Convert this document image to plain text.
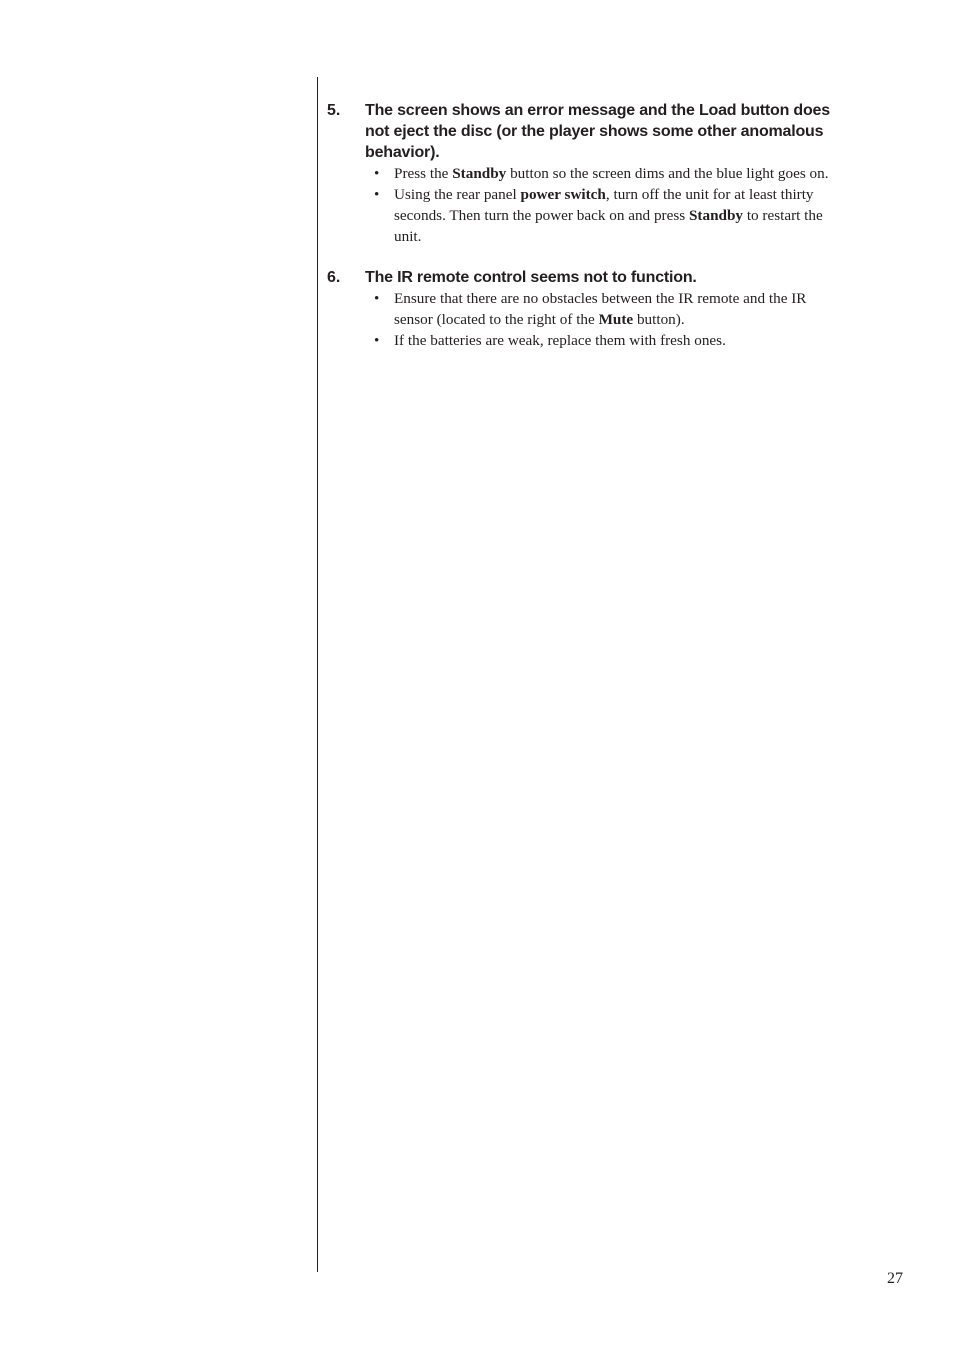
5. The screen shows an error message and the Load button does not eject the disc (or the player shows some other anomalous behavior).
• Press the Standby button so the screen dims and the blue light goes on.
• Using the rear panel power switch, turn off the unit for at least thirty seconds. Then turn the power back on and press Standby to restart the unit.
6. The IR remote control seems not to function.
• Ensure that there are no obstacles between the IR remote and the IR sensor (located to the right of the Mute button).
• If the batteries are weak, replace them with fresh ones.
27
